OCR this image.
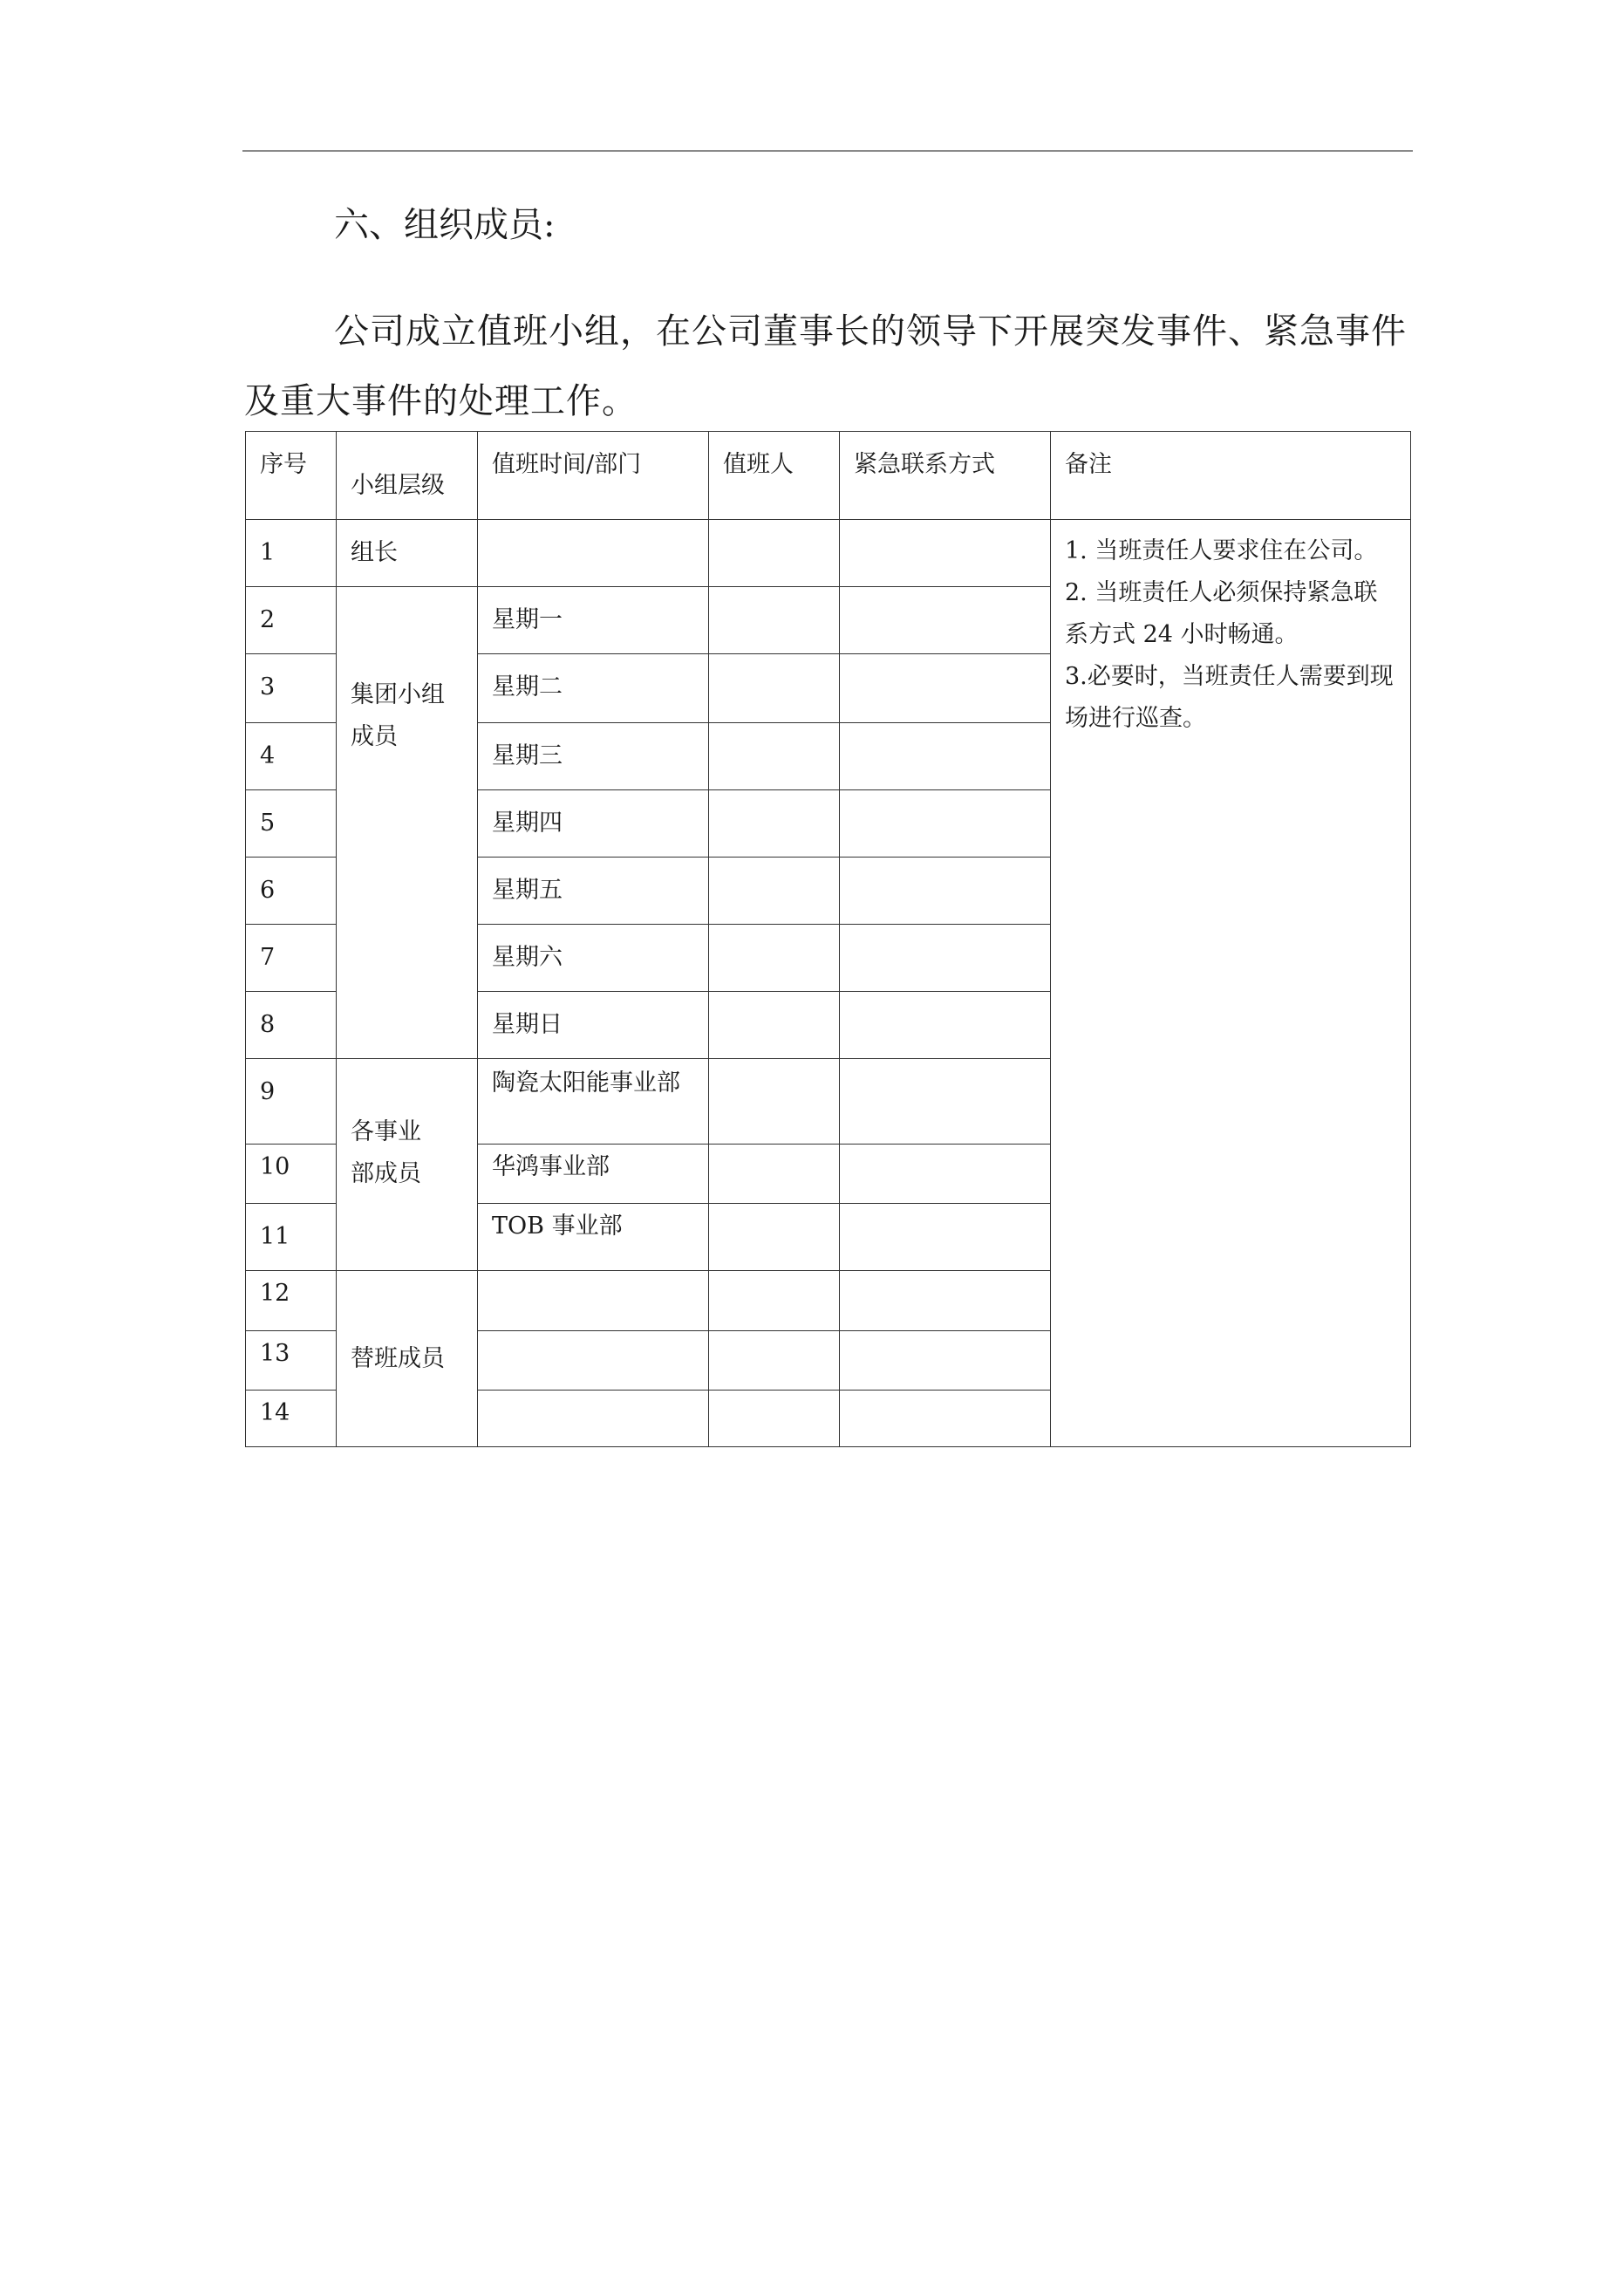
六、组织成员:
公司成立值班小组，在公司董事长的领导下开展突发事件、紧急事件及重大事件的处理工作。
序号	小组层级	值班时间/部门	值班人	紧急联系方式	备注
1	组长				1. 当班责任人要求住在公司。
2. 当班责任人必须保持紧急联系方式 24 小时畅通。
3.必要时，当班责任人需要到现场进行巡查。

2	集团小组成员	星期一			
3		星期二			
4		星期三			
5		星期四			
6		星期五			
7		星期六			
8		星期日			
9	各事业部成员	陶瓷太阳能事业部			

10		华鸿事业部			
11		TOB 事业部			
12	替班成员				
13					
14					
